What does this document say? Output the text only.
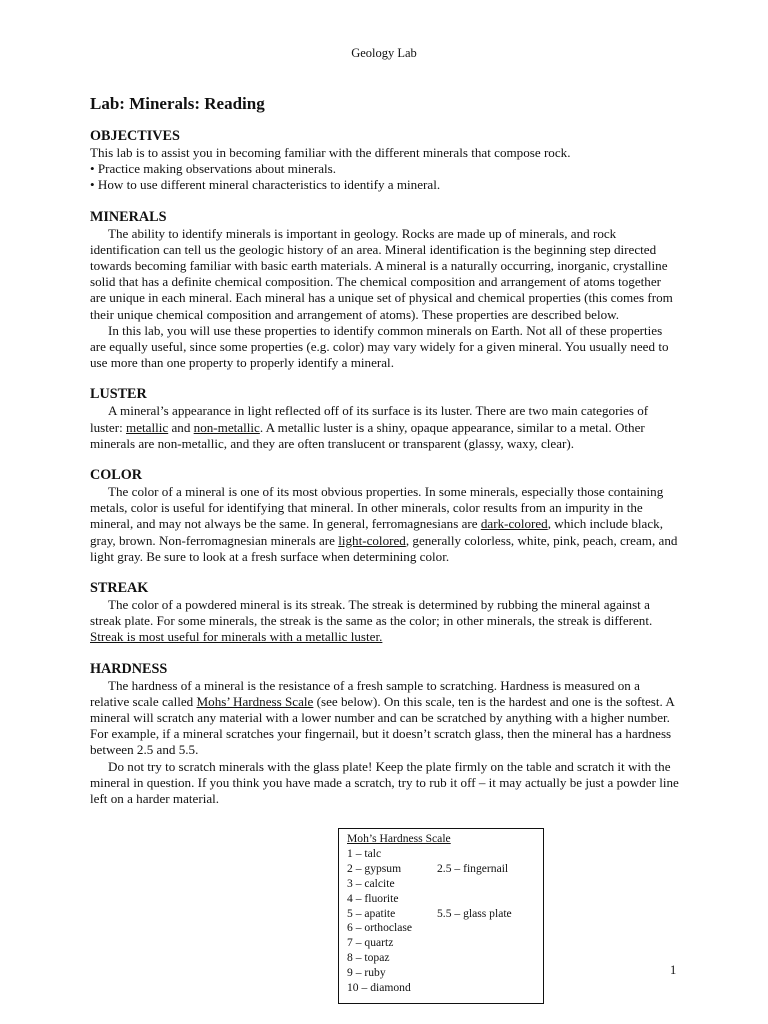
Geology Lab
Lab: Minerals: Reading
OBJECTIVES

This lab is to assist you in becoming familiar with the different minerals that compose rock.

• Practice making observations about minerals.

• How to use different mineral characteristics to identify a mineral.

MINERALS

The ability to identify minerals is important in geology. Rocks are made up of minerals, and rock identification can tell us the geologic history of an area. Mineral identification is the beginning step directed towards becoming familiar with basic earth materials. A mineral is a naturally occurring, inorganic, crystalline solid that has a definite chemical composition. The chemical composition and arrangement of atoms together are unique in each mineral. Each mineral has a unique set of physical and chemical properties (this comes from their unique chemical composition and arrangement of atoms). These properties are described below.

In this lab, you will use these properties to identify common minerals on Earth. Not all of these properties are equally useful, since some properties (e.g. color) may vary widely for a given mineral. You usually need to use more than one property to properly identify a mineral.

LUSTER

A mineral’s appearance in light reflected off of its surface is its luster. There are two main categories of luster: metallic and non-metallic. A metallic luster is a shiny, opaque appearance, similar to a metal. Other minerals are non-metallic, and they are often translucent or transparent (glassy, waxy, clear).

COLOR

The color of a mineral is one of its most obvious properties. In some minerals, especially those containing metals, color is useful for identifying that mineral. In other minerals, color results from an impurity in the mineral, and may not always be the same. In general, ferromagnesians are dark-colored, which include black, gray, brown. Non-ferromagnesian minerals are light-colored, generally colorless, white, pink, peach, cream, and light gray. Be sure to look at a fresh surface when determining color.

STREAK

The color of a powdered mineral is its streak. The streak is determined by rubbing the mineral against a streak plate. For some minerals, the streak is the same as the color; in other minerals, the streak is different. Streak is most useful for minerals with a metallic luster.

HARDNESS

The hardness of a mineral is the resistance of a fresh sample to scratching. Hardness is measured on a relative scale called Mohs’ Hardness Scale (see below). On this scale, ten is the hardest and one is the softest. A mineral will scratch any material with a lower number and can be scratched by anything with a higher number. For example, if a mineral scratches your fingernail, but it doesn’t scratch glass, then the mineral has a hardness between 2.5 and 5.5.

Do not try to scratch minerals with the glass plate! Keep the plate firmly on the table and scratch it with the mineral in question. If you think you have made a scratch, try to rub it off – it may actually be just a powder line left on a harder material.

Moh’s Hardness Scale
1 – talc
2 – gypsum	2.5 – fingernail
3 – calcite
4 – fluorite
5 – apatite	5.5 – glass plate
6 – orthoclase
7 – quartz
8 – topaz
9 – ruby
10 – diamond
1
